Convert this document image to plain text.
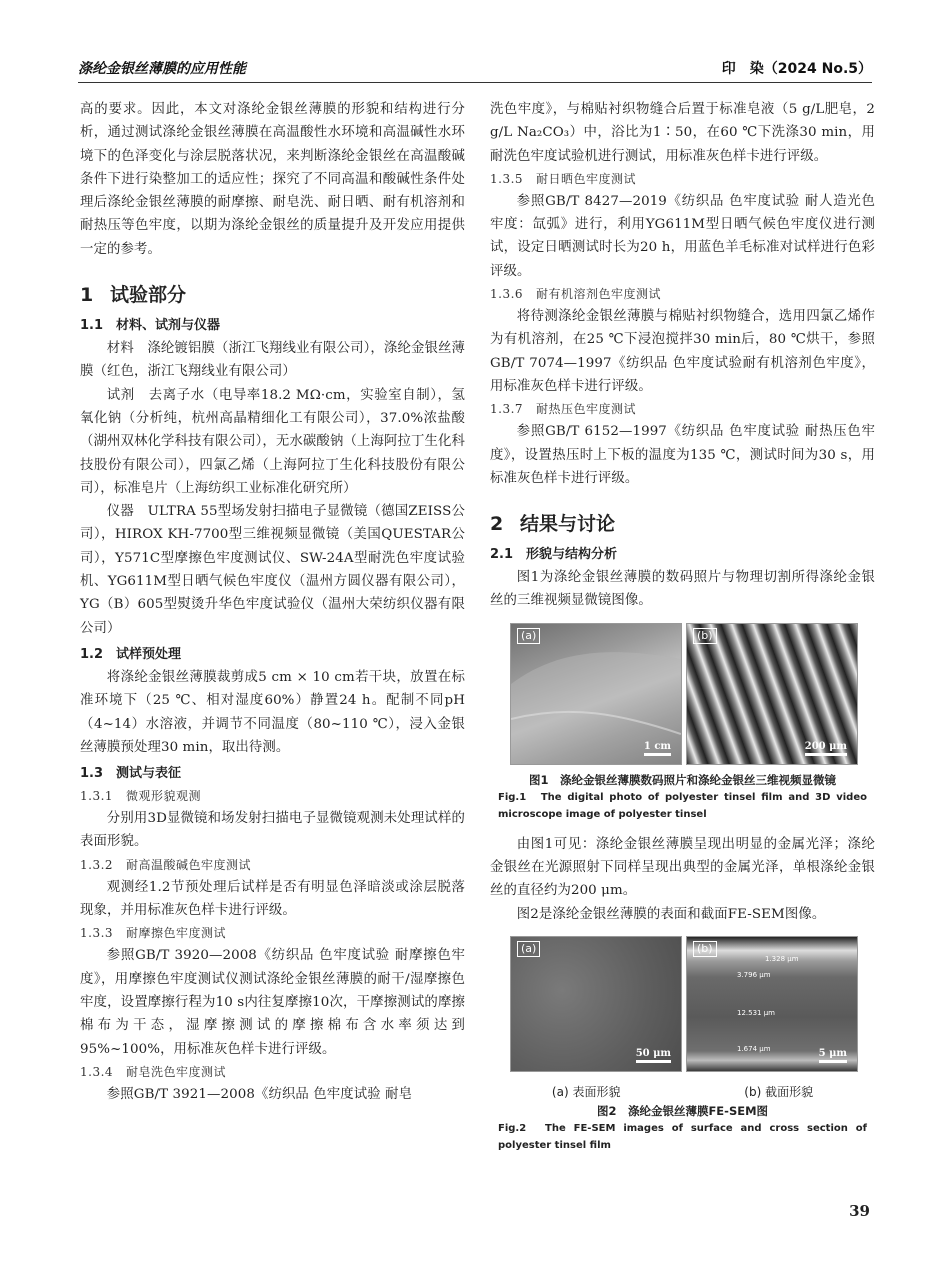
涤纶金银丝薄膜的应用性能	印　染（2024 No.5）

高的要求。因此，本文对涤纶金银丝薄膜的形貌和结构进行分析，通过测试涤纶金银丝薄膜在高温酸性水环境和高温碱性水环境下的色泽变化与涂层脱落状况，来判断涤纶金银丝在高温酸碱条件下进行染整加工的适应性；探究了不同高温和酸碱性条件处理后涤纶金银丝薄膜的耐摩擦、耐皂洗、耐日晒、耐有机溶剂和耐热压等色牢度，以期为涤纶金银丝的质量提升及开发应用提供一定的参考。

1 试验部分
1.1 材料、试剂与仪器

材料　涤纶镀铝膜（浙江飞翔线业有限公司），涤纶金银丝薄膜（红色，浙江飞翔线业有限公司）

试剂　去离子水（电导率18.2 MΩ·cm，实验室自制），氢氧化钠（分析纯，杭州高晶精细化工有限公司），37.0%浓盐酸（湖州双林化学科技有限公司），无水碳酸钠（上海阿拉丁生化科技股份有限公司），四氯乙烯（上海阿拉丁生化科技股份有限公司），标准皂片（上海纺织工业标准化研究所）

仪器　ULTRA 55型场发射扫描电子显微镜（德国ZEISS公司），HIROX KH-7700型三维视频显微镜（美国QUESTAR公司），Y571C型摩擦色牢度测试仪、SW-24A型耐洗色牢度试验机、YG611M型日晒气候色牢度仪（温州方圆仪器有限公司），YG（B）605型熨烫升华色牢度试验仪（温州大荣纺织仪器有限公司）

1.2 试样预处理

将涤纶金银丝薄膜裁剪成5 cm × 10 cm若干块，放置在标准环境下（25 ℃、相对湿度60%）静置24 h。配制不同pH（4~14）水溶液，并调节不同温度（80~110 ℃），浸入金银丝薄膜预处理30 min，取出待测。

1.3 测试与表征
1.3.1 微观形貌观测

分别用3D显微镜和场发射扫描电子显微镜观测未处理试样的表面形貌。

1.3.2 耐高温酸碱色牢度测试

观测经1.2节预处理后试样是否有明显色泽暗淡或涂层脱落现象，并用标准灰色样卡进行评级。

1.3.3 耐摩擦色牢度测试

参照GB/T 3920—2008《纺织品 色牢度试验 耐摩擦色牢度》，用摩擦色牢度测试仪测试涤纶金银丝薄膜的耐干/湿摩擦色牢度，设置摩擦行程为10 s内往复摩擦10次，干摩擦测试的摩擦棉布为干态，湿摩擦测试的摩擦棉布含水率须达到95%~100%，用标准灰色样卡进行评级。

1.3.4 耐皂洗色牢度测试

参照GB/T 3921—2008《纺织品 色牢度试验 耐皂

洗色牢度》，与棉贴衬织物缝合后置于标准皂液（5 g/L肥皂，2 g/L Na₂CO₃）中，浴比为1∶50，在60 ℃下洗涤30 min，用耐洗色牢度试验机进行测试，用标准灰色样卡进行评级。

1.3.5 耐日晒色牢度测试

参照GB/T 8427—2019《纺织品 色牢度试验 耐人造光色牢度：氙弧》进行，利用YG611M型日晒气候色牢度仪进行测试，设定日晒测试时长为20 h，用蓝色羊毛标准对试样进行色彩评级。

1.3.6 耐有机溶剂色牢度测试

将待测涤纶金银丝薄膜与棉贴衬织物缝合，选用四氯乙烯作为有机溶剂，在25 ℃下浸泡搅拌30 min后，80 ℃烘干，参照GB/T 7074—1997《纺织品 色牢度试验耐有机溶剂色牢度》，用标准灰色样卡进行评级。

1.3.7 耐热压色牢度测试

参照GB/T 6152—1997《纺织品 色牢度试验 耐热压色牢度》，设置热压时上下板的温度为135 ℃，测试时间为30 s，用标准灰色样卡进行评级。

2 结果与讨论
2.1 形貌与结构分析

图1为涤纶金银丝薄膜的数码照片与物理切割所得涤纶金银丝的三维视频显微镜图像。

(a)
1 cm
(b)
200 μm

图1　涤纶金银丝薄膜数码照片和涤纶金银丝三维视频显微镜

Fig.1　The digital photo of polyester tinsel film and 3D video microscope image of polyester tinsel

由图1可见：涤纶金银丝薄膜呈现出明显的金属光泽；涤纶金银丝在光源照射下同样呈现出典型的金属光泽，单根涤纶金银丝的直径约为200 μm。

图2是涤纶金银丝薄膜的表面和截面FE-SEM图像。

(a)
50 μm
(b)
1.328 μm
3.796 μm
12.531 μm
1.674 μm	5 μm
(a) 表面形貌	(b) 截面形貌

图2　涤纶金银丝薄膜FE-SEM图

Fig.2　The FE-SEM images of surface and cross section of polyester tinsel film

39
